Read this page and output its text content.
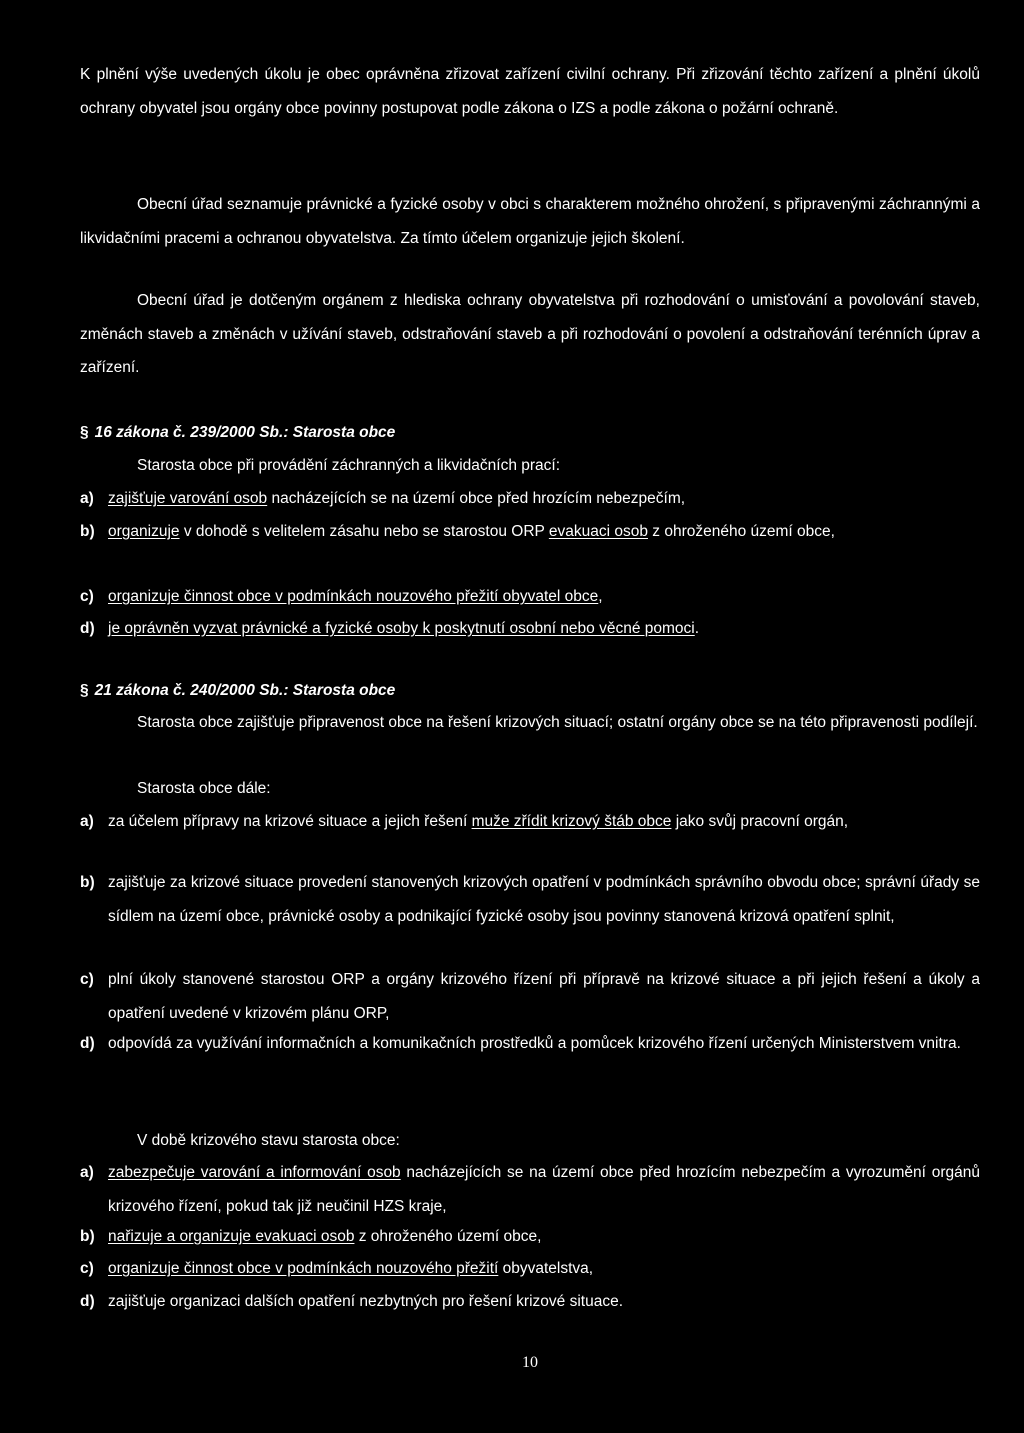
K plnění výše uvedených úkolu je obec oprávněna zřizovat zařízení civilní ochrany. Při zřizování těchto zařízení a plnění úkolů ochrany obyvatel jsou orgány obce povinny postupovat podle zákona o IZS a podle zákona o požární ochraně.

Obecní úřad seznamuje právnické a fyzické osoby v obci s charakterem možného ohrožení, s připravenými záchrannými a likvidačními pracemi a ochranou obyvatelstva. Za tímto účelem organizuje jejich školení.

Obecní úřad je dotčeným orgánem z hlediska ochrany obyvatelstva při rozhodování o umisťování a povolování staveb, změnách staveb a změnách v užívání staveb, odstraňování staveb a při rozhodování o povolení a odstraňování terénních úprav a zařízení.

§ 16 zákona č. 239/2000 Sb.: Starosta obce

Starosta obce při provádění záchranných a likvidačních prací:

a) zajišťuje varování osob nacházejících se na území obce před hrozícím nebezpečím,
b) organizuje v dohodě s velitelem zásahu nebo se starostou ORP evakuaci osob z ohroženého území obce,
c) organizuje činnost obce v podmínkách nouzového přežití obyvatel obce,
d) je oprávněn vyzvat právnické a fyzické osoby k poskytnutí osobní nebo věcné pomoci.

§ 21 zákona č. 240/2000 Sb.: Starosta obce

Starosta obce zajišťuje připravenost obce na řešení krizových situací; ostatní orgány obce se na této připravenosti podílejí.

Starosta obce dále:

a) za účelem přípravy na krizové situace a jejich řešení muže zřídit krizový štáb obce jako svůj pracovní orgán,
b) zajišťuje za krizové situace provedení stanovených krizových opatření v podmínkách správního obvodu obce; správní úřady se sídlem na území obce, právnické osoby a podnikající fyzické osoby jsou povinny stanovená krizová opatření splnit,
c) plní úkoly stanovené starostou ORP a orgány krizového řízení při přípravě na krizové situace a při jejich řešení a úkoly a opatření uvedené v krizovém plánu ORP,
d) odpovídá za využívání informačních a komunikačních prostředků a pomůcek krizového řízení určených Ministerstvem vnitra.

V době krizového stavu starosta obce:

a) zabezpečuje varování a informování osob nacházejících se na území obce před hrozícím nebezpečím a vyrozumění orgánů krizového řízení, pokud tak již neučinil HZS kraje,
b) nařizuje a organizuje evakuaci osob z ohroženého území obce,
c) organizuje činnost obce v podmínkách nouzového přežití obyvatelstva,
d) zajišťuje organizaci dalších opatření nezbytných pro řešení krizové situace.
10
